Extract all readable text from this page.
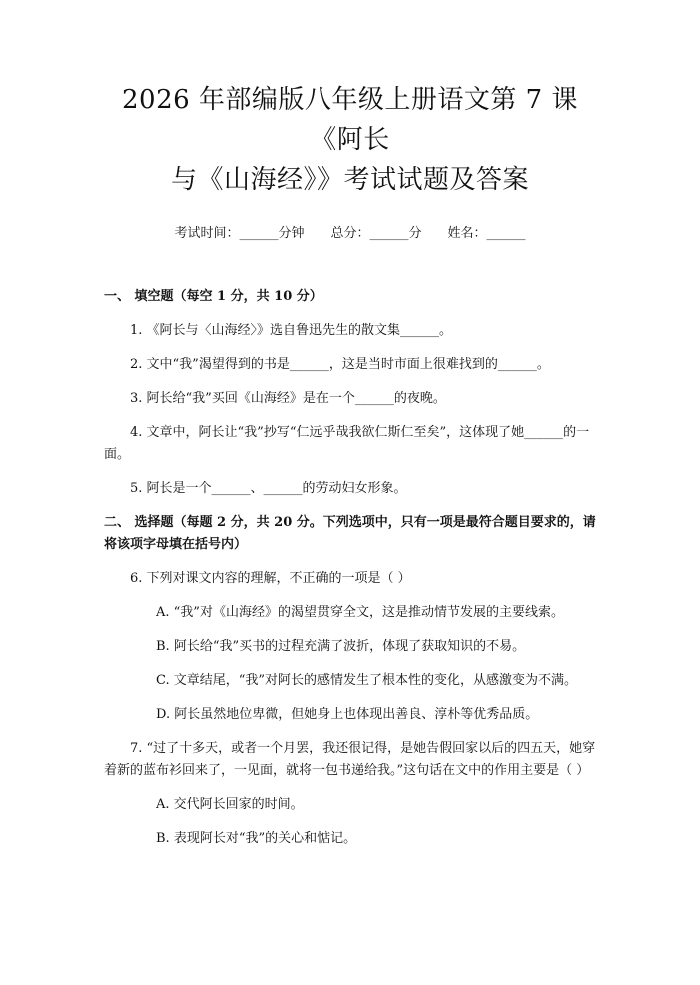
2026 年部编版八年级上册语文第 7 课《阿长
与《山海经》》考试试题及答案
考试时间：______分钟 总分：______分 姓名：______
一、 填空题（每空 1 分，共 10 分）
1. 《阿长与〈山海经〉》选自鲁迅先生的散文集______。
2. 文中“我”渴望得到的书是______，这是当时市面上很难找到的______。
3. 阿长给“我”买回《山海经》是在一个______的夜晚。
4. 文章中，阿长让“我”抄写“仁远乎哉我欲仁斯仁至矣”，这体现了她______的一面。
5. 阿长是一个______、______的劳动妇女形象。
二、 选择题（每题 2 分，共 20 分。下列选项中，只有一项是最符合题目要求的，请将该项字母填在括号内）
6. 下列对课文内容的理解，不正确的一项是（ ）
A. “我”对《山海经》的渴望贯穿全文，这是推动情节发展的主要线索。
B. 阿长给“我”买书的过程充满了波折，体现了获取知识的不易。
C. 文章结尾，“我”对阿长的感情发生了根本性的变化，从感激变为不满。
D. 阿长虽然地位卑微，但她身上也体现出善良、淳朴等优秀品质。
7. “过了十多天，或者一个月罢，我还很记得，是她告假回家以后的四五天，她穿着新的蓝布衫回来了，一见面，就将一包书递给我。”这句话在文中的作用主要是（ ）
A. 交代阿长回家的时间。
B. 表现阿长对“我”的关心和惦记。
